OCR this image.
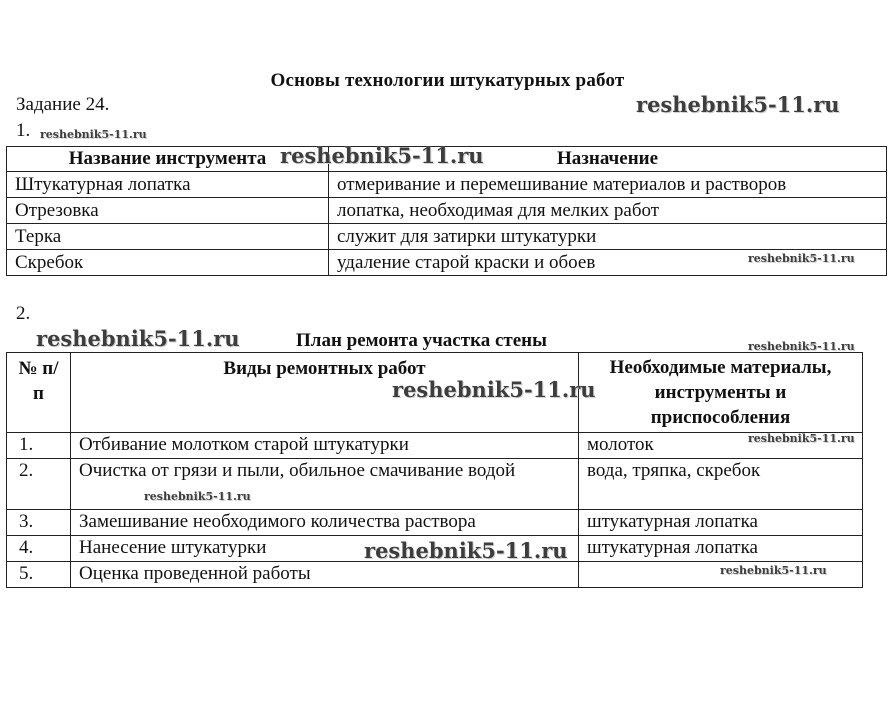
Основы технологии штукатурных работ
Задание 24.
1.
Название инструмента	Назначение
Штукатурная лопатка	отмеривание и перемешивание материалов и растворов
Отрезовка	лопатка, необходимая для мелких работ
Терка	служит для затирки штукатурки
Скребок	удаление старой краски и обоев
2.
План ремонта участка стены
№ п/п	Виды ремонтных работ	Необходимые материалы, инструменты и приспособления
1.	Отбивание молотком старой штукатурки	молоток
2.	Очистка от грязи и пыли, обильное смачивание водой	вода, тряпка, скребок
3.	Замешивание необходимого количества раствора	штукатурная лопатка
4.	Нанесение штукатурки	штукатурная лопатка
5.	Оценка проведенной работы	
reshebnik5-11.ru
reshebnik5-11.ru
reshebnik5-11.ru
reshebnik5-11.ru
reshebnik5-11.ru	reshebnik5-11.ru
reshebnik5-11.ru
reshebnik5-11.ru
reshebnik5-11.ru
reshebnik5-11.ru
reshebnik5-11.ru
